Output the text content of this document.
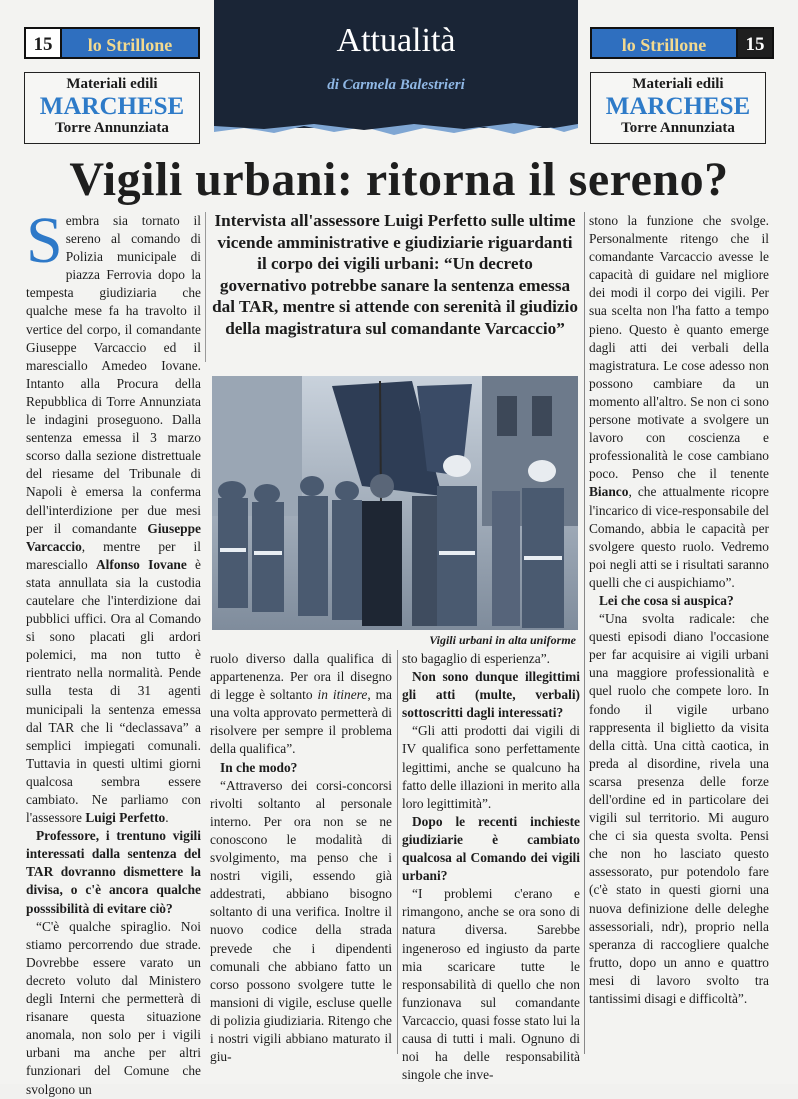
15	lo Strillone
Materiali edili
MARCHESE
Torre Annunziata
Attualità
di Carmela Balestrieri
lo Strillone	15
Materiali edili
MARCHESE
Torre Annunziata
Vigili urbani: ritorna il sereno?

Sembra sia tornato il sereno al comando di Polizia municipale di piazza Ferrovia dopo la tempesta giudiziaria che qualche mese fa ha travolto il vertice del corpo, il comandante Giuseppe Varcaccio ed il maresciallo Amedeo Iovane. Intanto alla Procura della Repubblica di Torre Annunziata le indagini proseguono. Dalla sentenza emessa il 3 marzo scorso dalla sezione distrettuale del riesame del Tribunale di Napoli è emersa la conferma dell'interdizione per due mesi per il comandante Giuseppe Varcaccio, mentre per il maresciallo Alfonso Iovane è stata annullata sia la custodia cautelare che l'interdizione dai pubblici uffici. Ora al Comando si sono placati gli ardori polemici, ma non tutto è rientrato nella normalità. Pende sulla testa di 31 agenti municipali la sentenza emessa dal TAR che li “declassava” a semplici impiegati comunali. Tuttavia in questi ultimi giorni qualcosa sembra essere cambiato. Ne parliamo con l'assessore Luigi Perfetto.

Professore, i trentuno vigili interessati dalla sentenza del TAR dovranno dismettere la divisa, o c'è ancora qualche posssibilità di evitare ciò?

“C'è qualche spiraglio. Noi stiamo percorrendo due strade. Dovrebbe essere varato un decreto voluto dal Ministero degli Interni che permetterà di risanare questa situazione anomala, non solo per i vigili urbani ma anche per altri funzionari del Comune che svolgono un

Intervista all'assessore Luigi Perfetto sulle ultime vicende amministrative e giudiziarie riguardanti il corpo dei vigili urbani: “Un decreto governativo potrebbe sanare la sentenza emessa dal TAR, mentre si attende con serenità il giudizio della magistratura sul comandante Varcaccio”
Vigili urbani in alta uniforme

ruolo diverso dalla qualifica di appartenenza. Per ora il disegno di legge è soltanto in itinere, ma una volta approvato permetterà di risolvere per sempre il problema della qualifica”.

In che modo?

“Attraverso dei corsi-concorsi rivolti soltanto al personale interno. Per ora non se ne conoscono le modalità di svolgimento, ma penso che i nostri vigili, essendo già addestrati, abbiano bisogno soltanto di una verifica. Inoltre il nuovo codice della strada prevede che i dipendenti comunali che abbiano fatto un corso possono svolgere tutte le mansioni di vigile, escluse quelle di polizia giudiziaria. Ritengo che i nostri vigili abbiano maturato il giu-

sto bagaglio di esperienza”.

Non sono dunque illegittimi gli atti (multe, verbali) sottoscritti dagli interessati?

“Gli atti prodotti dai vigili di IV qualifica sono perfettamente legittimi, anche se qualcuno ha fatto delle illazioni in merito alla loro legittimità”.

Dopo le recenti inchieste giudiziarie è cambiato qualcosa al Comando dei vigili urbani?

“I problemi c'erano e rimangono, anche se ora sono di natura diversa. Sarebbe ingeneroso ed ingiusto da parte mia scaricare tutte le responsabilità di quello che non funzionava sul comandante Varcaccio, quasi fosse stato lui la causa di tutti i mali. Ognuno di noi ha delle responsabilità singole che inve-

stono la funzione che svolge. Personalmente ritengo che il comandante Varcaccio avesse le capacità di guidare nel migliore dei modi il corpo dei vigili. Per sua scelta non l'ha fatto a tempo pieno. Questo è quanto emerge dagli atti dei verbali della magistratura. Le cose adesso non possono cambiare da un momento all'altro. Se non ci sono persone motivate a svolgere un lavoro con coscienza e professionalità le cose cambiano poco. Penso che il tenente Bianco, che attualmente ricopre l'incarico di vice-responsabile del Comando, abbia le capacità per svolgere questo ruolo. Vedremo poi negli atti se i risultati saranno quelli che ci auspichiamo”.

Lei che cosa si auspica?

“Una svolta radicale: che questi episodi diano l'occasione per far acquisire ai vigili urbani una maggiore professionalità e quel ruolo che compete loro. In fondo il vigile urbano rappresenta il biglietto da visita della città. Una città caotica, in preda al disordine, rivela una scarsa presenza delle forze dell'ordine ed in particolare dei vigili sul territorio. Mi auguro che ci sia questa svolta. Pensi che non ho lasciato questo assessorato, pur potendolo fare (c'è stato in questi giorni una nuova definizione delle deleghe assessoriali, ndr), proprio nella speranza di raccogliere qualche frutto, dopo un anno e quattro mesi di lavoro svolto tra tantissimi disagi e difficoltà”.
